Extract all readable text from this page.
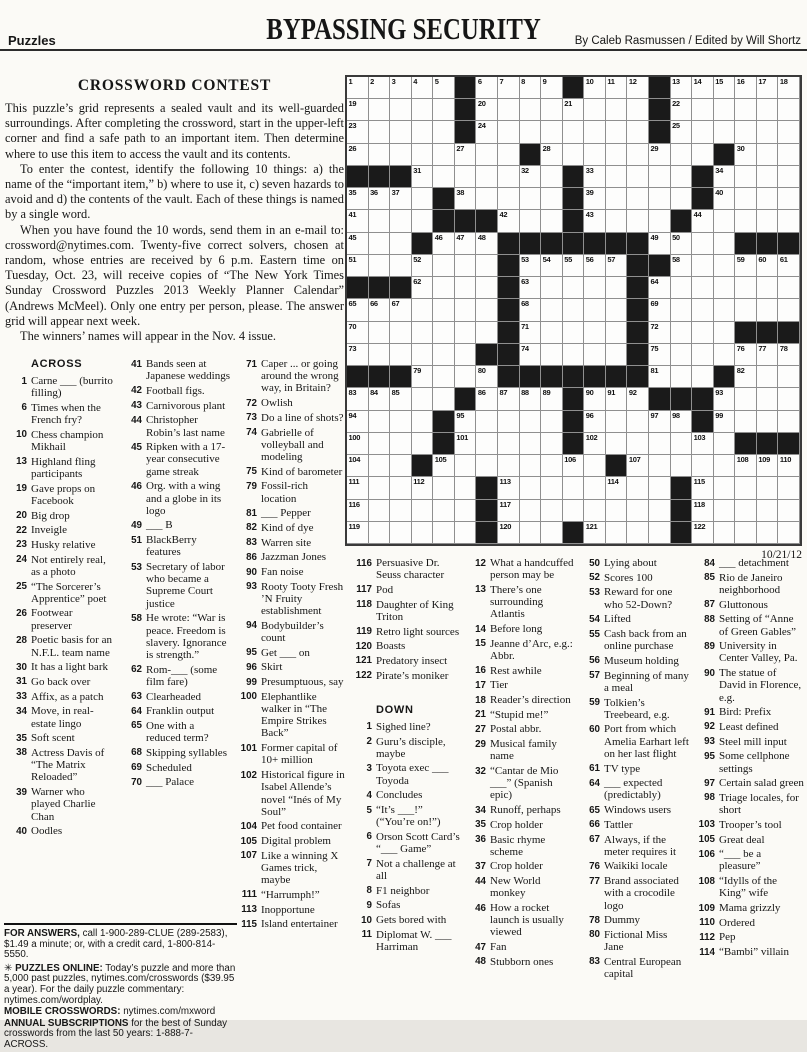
Puzzles	BYPASSING SECURITY	By Caleb Rasmussen / Edited by Will Shortz
CROSSWORD CONTEST

This puzzle’s grid represents a sealed vault and its well-guarded surroundings. After completing the crossword, start in the upper-left corner and find a safe path to an important item. Then determine where to use this item to access the vault and its contents.

To enter the contest, identify the following 10 things: a) the name of the “important item,” b) where to use it, c) seven hazards to avoid and d) the contents of the vault. Each of these things is named by a single word.

When you have found the 10 words, send them in an e-mail to: crossword@nytimes.com. Twenty-five correct solvers, chosen at random, whose entries are received by 6 p.m. Eastern time on Tuesday, Oct. 23, will receive copies of “The New York Times Sunday Crossword Puzzles 2013 Weekly Planner Calendar” (Andrews McMeel). Only one entry per person, please. The answer grid will appear next week.

The winners’ names will appear in the Nov. 4 issue.

1 2 3 4 5	6 7 8 9	10 11 12	13 14 15 16 17 18
19	20	21	22
23	24	25
26	27	28	29	30
31	32	33	34
35 36 37	38	39	40
41	42	43	44
45	46 47 48	49 50
51	52	53 54 55 56 57	58	59 60 61
62	63	64
65 66 67	68	69
70	71	72
73	74	75	76 77 78
79	80	81	82
83 84 85	86 87 88 89	90 91 92	93
94	95	96	97 98	99
100	101	102	103
104	105	106	107	108 109 110
111	112	113	114	115
116	117	118
119	120	121	122
10/21/12
ACROSS
1 Carne ___ (burrito filling)
6 Times when the French fry?
10 Chess champion Mikhail
13 Highland fling participants
19 Gave props on Facebook
20 Big drop
22 Inveigle
23 Husky relative
24 Not entirely real, as a photo
25 “The Sorcerer’s Apprentice” poet
26 Footwear preserver
28 Poetic basis for an N.F.L. team name
30 It has a light bark
31 Go back over
33 Affix, as a patch
34 Move, in real-estate lingo
35 Soft scent
38 Actress Davis of “The Matrix Reloaded”
39 Warner who played Charlie Chan
40 Oodles
41 Bands seen at Japanese weddings
42 Football figs.
43 Carnivorous plant
44 Christopher Robin’s last name
45 Ripken with a 17-year consecutive game streak
46 Org. with a wing and a globe in its logo
49 ___ B
51 BlackBerry features
53 Secretary of labor who became a Supreme Court justice
58 He wrote: “War is peace. Freedom is slavery. Ignorance is strength.”
62 Rom-___ (some film fare)
63 Clearheaded
64 Franklin output
65 One with a reduced term?
68 Skipping syllables
69 Scheduled
70 ___ Palace
71 Caper ... or going around the wrong way, in Britain?
72 Owlish
73 Do a line of shots?
74 Gabrielle of volleyball and modeling
75 Kind of barometer
79 Fossil-rich location
81 ___ Pepper
82 Kind of dye
83 Warren site
86 Jazzman Jones
90 Fan noise
93 Rooty Tooty Fresh ’N Fruity establishment
94 Bodybuilder’s count
95 Get ___ on
96 Skirt
99 Presumptuous, say
100 Elephantlike walker in “The Empire Strikes Back”
101 Former capital of 10+ million
102 Historical figure in Isabel Allende’s novel “Inés of My Soul”
104 Pet food container
105 Digital problem
107 Like a winning X Games trick, maybe
111 “Harrumph!”
113 Inopportune
115 Island entertainer
116 Persuasive Dr. Seuss character
117 Pod
118 Daughter of King Triton
119 Retro light sources
120 Boasts
121 Predatory insect
122 Pirate’s moniker
DOWN
1 Sighed line?
2 Guru’s disciple, maybe
3 Toyota exec ___ Toyoda
4 Concludes
5 “It’s ___!” (“You’re on!”)
6 Orson Scott Card’s “___ Game”
7 Not a challenge at all
8 F1 neighbor
9 Sofas
10 Gets bored with
11 Diplomat W. ___ Harriman
12 What a handcuffed person may be
13 There’s one surrounding Atlantis
14 Before long
15 Jeanne d’Arc, e.g.: Abbr.
16 Rest awhile
17 Tier
18 Reader’s direction
21 “Stupid me!”
27 Postal abbr.
29 Musical family name
32 “Cantar de Mio ___” (Spanish epic)
34 Runoff, perhaps
35 Crop holder
36 Basic rhyme scheme
37 Crop holder
44 New World monkey
46 How a rocket launch is usually viewed
47 Fan
48 Stubborn ones
50 Lying about
52 Scores 100
53 Reward for one who 52-Down?
54 Lifted
55 Cash back from an online purchase
56 Museum holding
57 Beginning of many a meal
59 Tolkien’s Treebeard, e.g.
60 Port from which Amelia Earhart left on her last flight
61 TV type
64 ___ expected (predictably)
65 Windows users
66 Tattler
67 Always, if the meter requires it
76 Waikiki locale
77 Brand associated with a crocodile logo
78 Dummy
80 Fictional Miss Jane
83 Central European capital
84 ___ detachment
85 Rio de Janeiro neighborhood
87 Gluttonous
88 Setting of “Anne of Green Gables”
89 University in Center Valley, Pa.
90 The statue of David in Florence, e.g.
91 Bird: Prefix
92 Least defined
93 Steel mill input
95 Some cellphone settings
97 Certain salad green
98 Triage locales, for short
103 Trooper’s tool
105 Great deal
106 “___ be a pleasure”
108 “Idylls of the King” wife
109 Mama grizzly
110 Ordered
112 Pep
114 “Bambi” villain

FOR ANSWERS, call 1-900-289-CLUE (289-2583), $1.49 a minute; or, with a credit card, 1-800-814-5550.

✳ PUZZLES ONLINE: Today’s puzzle and more than 5,000 past puzzles, nytimes.com/crosswords ($39.95 a year). For the daily puzzle commentary: nytimes.com/wordplay.

MOBILE CROSSWORDS: nytimes.com/mxword

ANNUAL SUBSCRIPTIONS for the best of Sunday crosswords from the last 50 years: 1-888-7-ACROSS.
